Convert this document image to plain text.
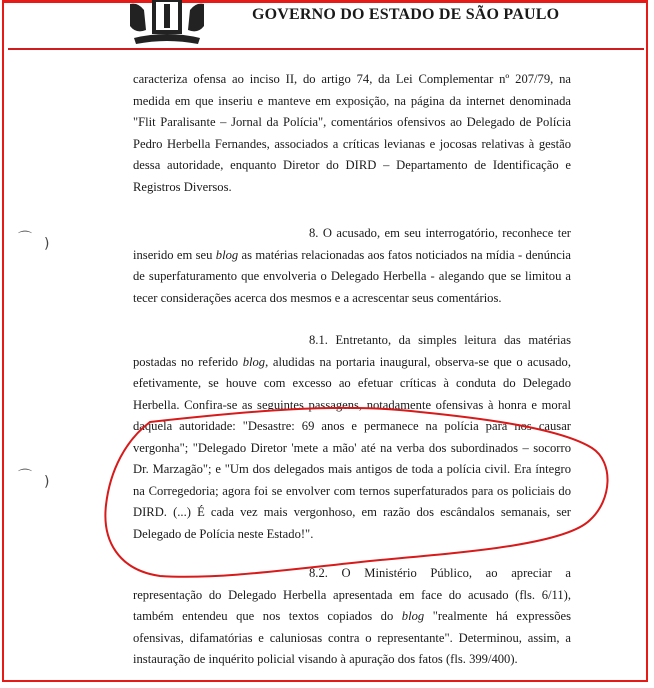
GOVERNO DO ESTADO DE SÃO PAULO
⌒ )
⌒ )

caracteriza ofensa ao inciso II, do artigo 74, da Lei Complementar nº 207/79, na medida em que inseriu e manteve em exposição, na página da internet denominada "Flit Paralisante – Jornal da Polícia", comentários ofensivos ao Delegado de Polícia Pedro Herbella Fernandes, associados a críticas levianas e jocosas relativas à gestão dessa autoridade, enquanto Diretor do DIRD – Departamento de Identificação e Registros Diversos.

8. O acusado, em seu interrogatório, reconhece ter inserido em seu blog as matérias relacionadas aos fatos noticiados na mídia - denúncia de superfaturamento que envolveria o Delegado Herbella - alegando que se limitou a tecer considerações acerca dos mesmos e a acrescentar seus comentários.

8.1. Entretanto, da simples leitura das matérias postadas no referido blog, aludidas na portaria inaugural, observa-se que o acusado, efetivamente, se houve com excesso ao efetuar críticas à conduta do Delegado Herbella. Confira-se as seguintes passagens, notadamente ofensivas à honra e moral daquela autoridade: "Desastre: 69 anos e permanece na polícia para nos causar vergonha"; "Delegado Diretor 'mete a mão' até na verba dos subordinados – socorro Dr. Marzagão"; e "Um dos delegados mais antigos de toda a polícia civil. Era íntegro na Corregedoria; agora foi se envolver com ternos superfaturados para os policiais do DIRD. (...) É cada vez mais vergonhoso, em razão dos escândalos semanais, ser Delegado de Polícia neste Estado!".

8.2. O Ministério Público, ao apreciar a representação do Delegado Herbella apresentada em face do acusado (fls. 6/11), também entendeu que nos textos copiados do blog "realmente há expressões ofensivas, difamatórias e caluniosas contra o representante". Determinou, assim, a instauração de inquérito policial visando à apuração dos fatos (fls. 399/400).
